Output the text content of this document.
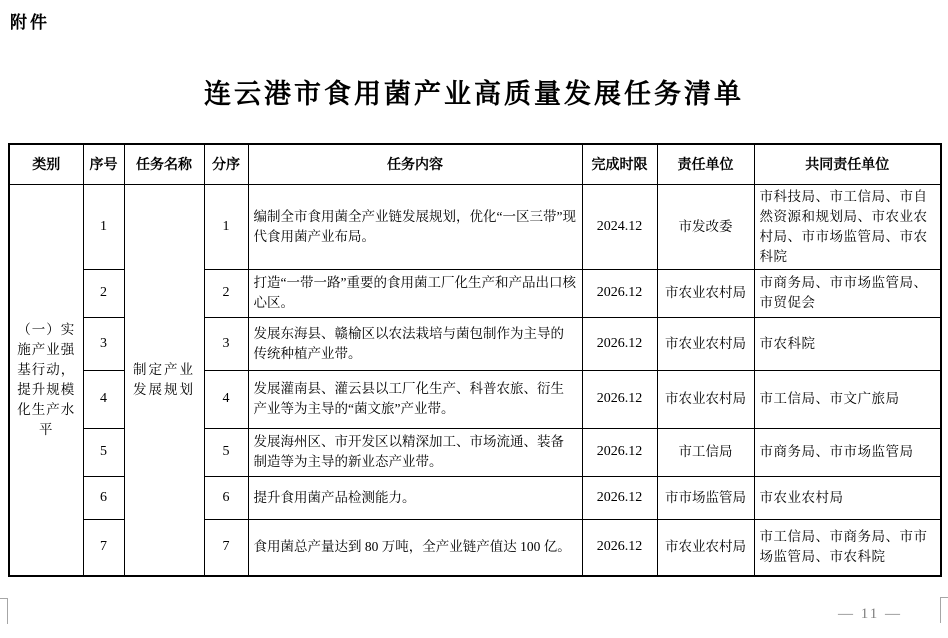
附件
连云港市食用菌产业高质量发展任务清单
类别	序号	任务名称	分序	任务内容	完成时限	责任单位	共同责任单位
（一）实施产业强基行动，提升规模化生产水平	1	制定产业发展规划	1	编制全市食用菌全产业链发展规划，优化“一区三带”现代食用菌产业布局。	2024.12	市发改委	市科技局、市工信局、市自然资源和规划局、市农业农村局、市市场监管局、市农科院
	2		2	打造“一带一路”重要的食用菌工厂化生产和产品出口核心区。	2026.12	市农业农村局	市商务局、市市场监管局、市贸促会
	3		3	发展东海县、赣榆区以农法栽培与菌包制作为主导的传统种植产业带。	2026.12	市农业农村局	市农科院
	4		4	发展灌南县、灌云县以工厂化生产、科普农旅、衍生产业等为主导的“菌文旅”产业带。	2026.12	市农业农村局	市工信局、市文广旅局
	5		5	发展海州区、市开发区以精深加工、市场流通、装备制造等为主导的新业态产业带。	2026.12	市工信局	市商务局、市市场监管局
	6		6	提升食用菌产品检测能力。	2026.12	市市场监管局	市农业农村局
	7		7	食用菌总产量达到 80 万吨，全产业链产值达 100 亿。	2026.12	市农业农村局	市工信局、市商务局、市市场监管局、市农科院
— 11 —
